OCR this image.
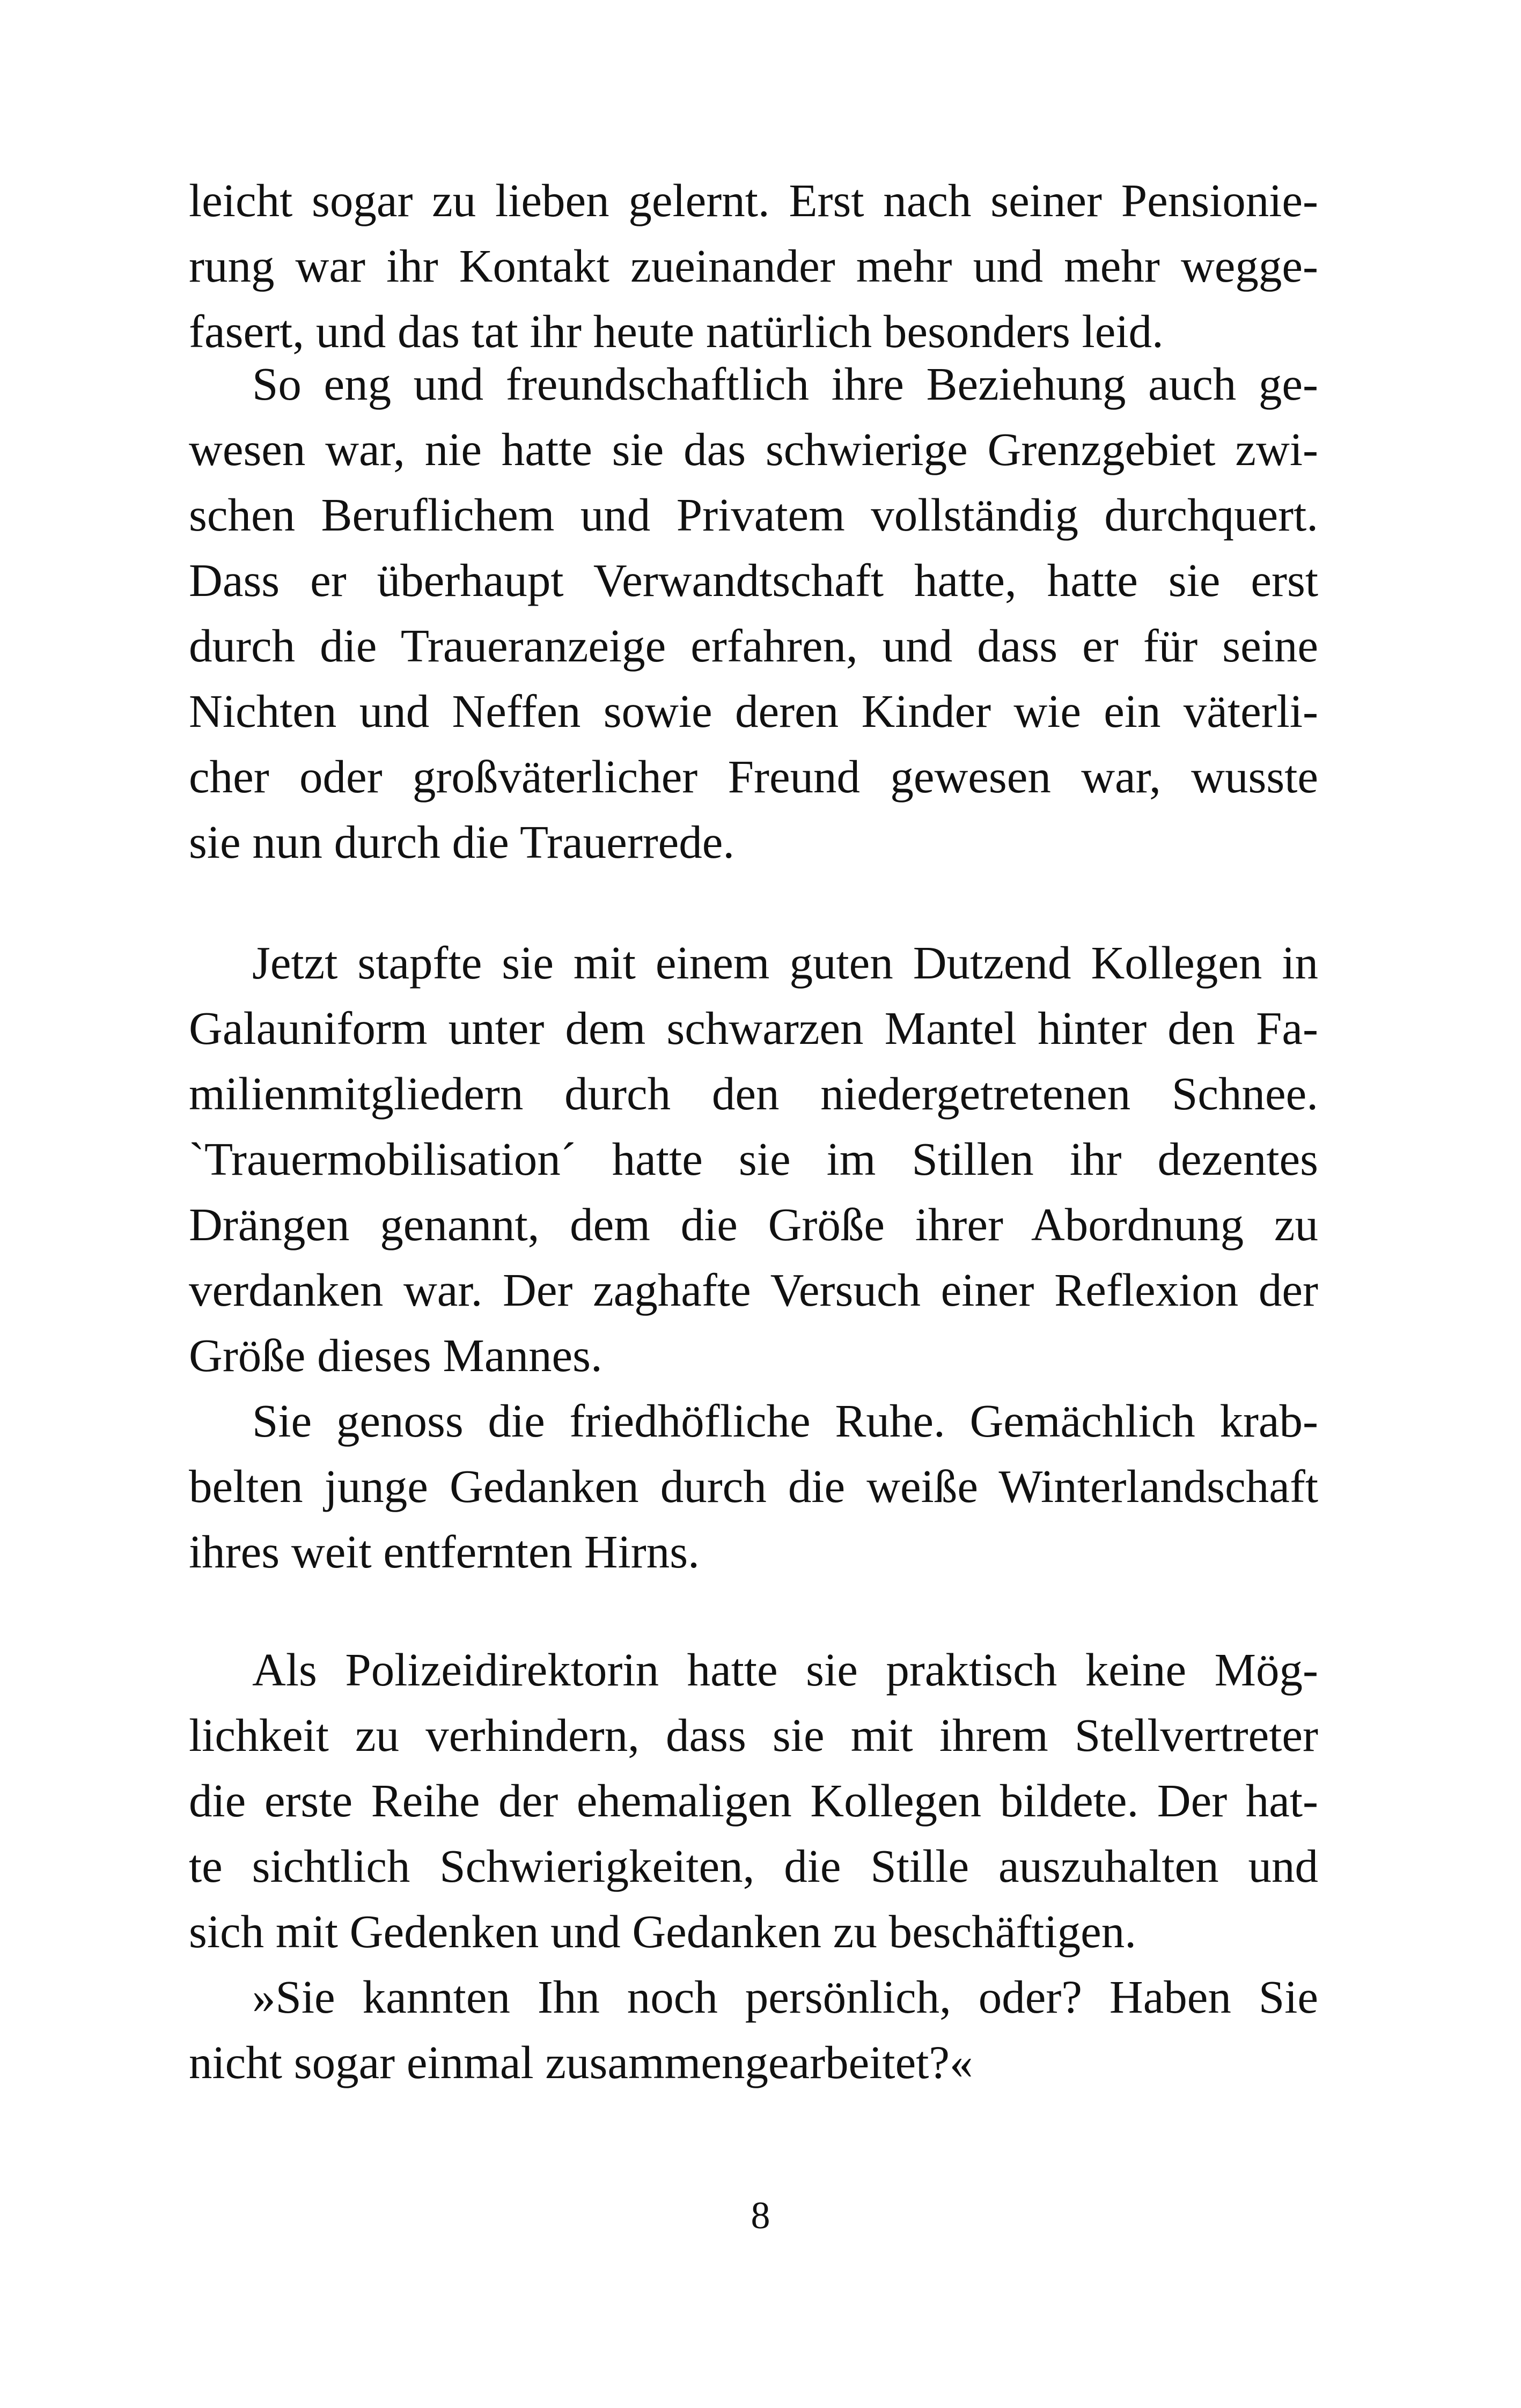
leicht sogar zu lieben gelernt. Erst nach seiner Pensionie-
rung war ihr Kontakt zueinander mehr und mehr wegge-
fasert, und das tat ihr heute natürlich besonders leid.
So eng und freundschaftlich ihre Beziehung auch ge-
wesen war, nie hatte sie das schwierige Grenzgebiet zwi-
schen Beruflichem und Privatem vollständig durchquert.
Dass er überhaupt Verwandtschaft hatte, hatte sie erst
durch die Traueranzeige erfahren, und dass er für seine
Nichten und Neffen sowie deren Kinder wie ein väterli-
cher oder großväterlicher Freund gewesen war, wusste
sie nun durch die Trauerrede.
Jetzt stapfte sie mit einem guten Dutzend Kollegen in
Galauniform unter dem schwarzen Mantel hinter den Fa-
milienmitgliedern durch den niedergetretenen Schnee.
`Trauermobilisation´ hatte sie im Stillen ihr dezentes
Drängen genannt, dem die Größe ihrer Abordnung zu
verdanken war. Der zaghafte Versuch einer Reflexion der
Größe dieses Mannes.
Sie genoss die friedhöfliche Ruhe. Gemächlich krab-
belten junge Gedanken durch die weiße Winterlandschaft
ihres weit entfernten Hirns.
Als Polizeidirektorin hatte sie praktisch keine Mög-
lichkeit zu verhindern, dass sie mit ihrem Stellvertreter
die erste Reihe der ehemaligen Kollegen bildete. Der hat-
te sichtlich Schwierigkeiten, die Stille auszuhalten und
sich mit Gedenken und Gedanken zu beschäftigen.
»Sie kannten Ihn noch persönlich, oder? Haben Sie
nicht sogar einmal zusammengearbeitet?«
8
